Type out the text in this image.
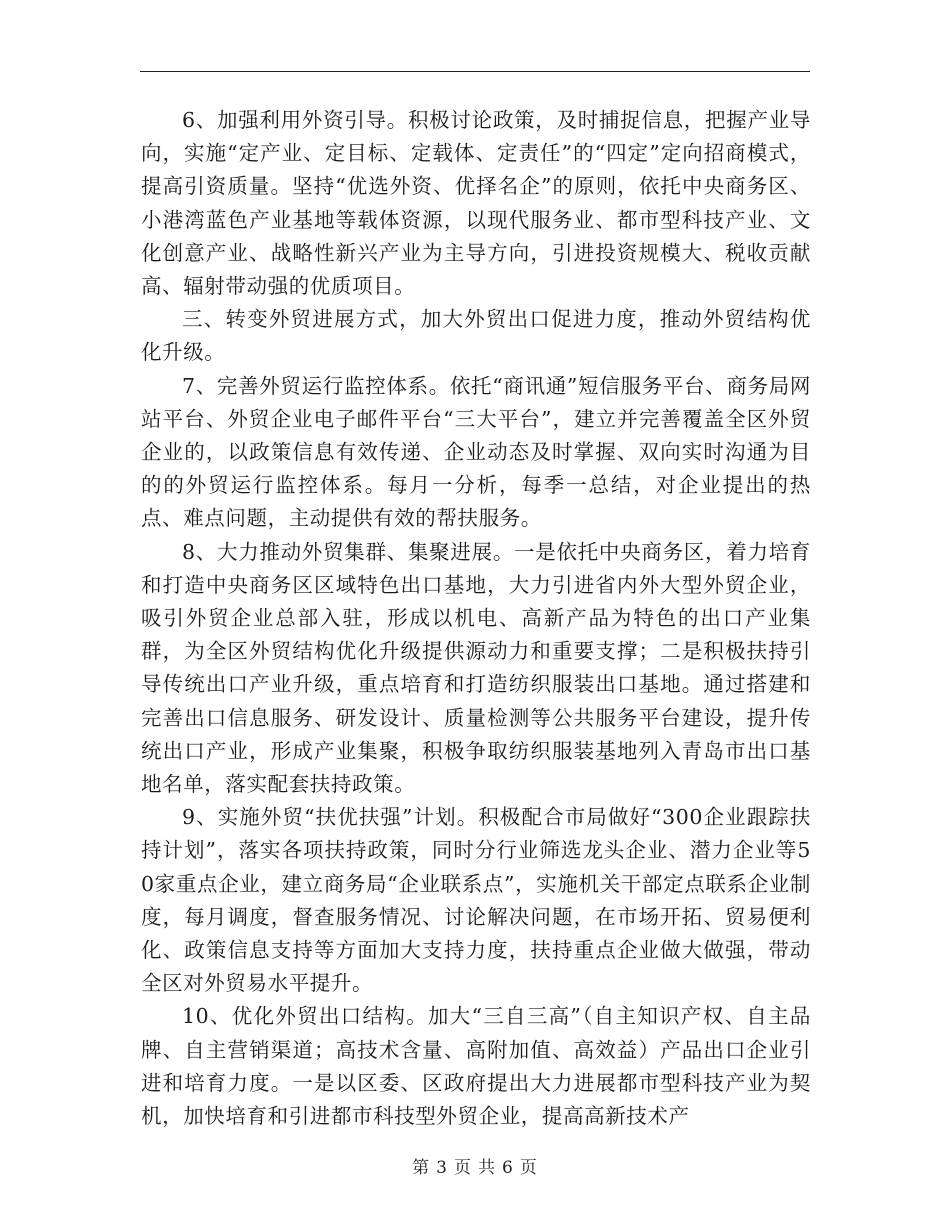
6、加强利用外资引导。积极讨论政策，及时捕捉信息，把握产业导向，实施“定产业、定目标、定载体、定责任”的“四定”定向招商模式，提高引资质量。坚持“优选外资、优择名企”的原则，依托中央商务区、小港湾蓝色产业基地等载体资源，以现代服务业、都市型科技产业、文化创意产业、战略性新兴产业为主导方向，引进投资规模大、税收贡献高、辐射带动强的优质项目。

三、转变外贸进展方式，加大外贸出口促进力度，推动外贸结构优化升级。

7、完善外贸运行监控体系。依托“商讯通”短信服务平台、商务局网站平台、外贸企业电子邮件平台“三大平台”，建立并完善覆盖全区外贸企业的，以政策信息有效传递、企业动态及时掌握、双向实时沟通为目的的外贸运行监控体系。每月一分析，每季一总结，对企业提出的热点、难点问题，主动提供有效的帮扶服务。

8、大力推动外贸集群、集聚进展。一是依托中央商务区，着力培育和打造中央商务区区域特色出口基地，大力引进省内外大型外贸企业，吸引外贸企业总部入驻，形成以机电、高新产品为特色的出口产业集群，为全区外贸结构优化升级提供源动力和重要支撑；二是积极扶持引导传统出口产业升级，重点培育和打造纺织服装出口基地。通过搭建和完善出口信息服务、研发设计、质量检测等公共服务平台建设，提升传统出口产业，形成产业集聚，积极争取纺织服装基地列入青岛市出口基地名单，落实配套扶持政策。

9、实施外贸“扶优扶强”计划。积极配合市局做好“300企业跟踪扶持计划”，落实各项扶持政策，同时分行业筛选龙头企业、潜力企业等50家重点企业，建立商务局“企业联系点”，实施机关干部定点联系企业制度，每月调度，督查服务情况、讨论解决问题，在市场开拓、贸易便利化、政策信息支持等方面加大支持力度，扶持重点企业做大做强，带动全区对外贸易水平提升。

10、优化外贸出口结构。加大“三自三高”（自主知识产权、自主品牌、自主营销渠道；高技术含量、高附加值、高效益）产品出口企业引进和培育力度。一是以区委、区政府提出大力进展都市型科技产业为契机，加快培育和引进都市科技型外贸企业，提高高新技术产

第 3 页 共 6 页
